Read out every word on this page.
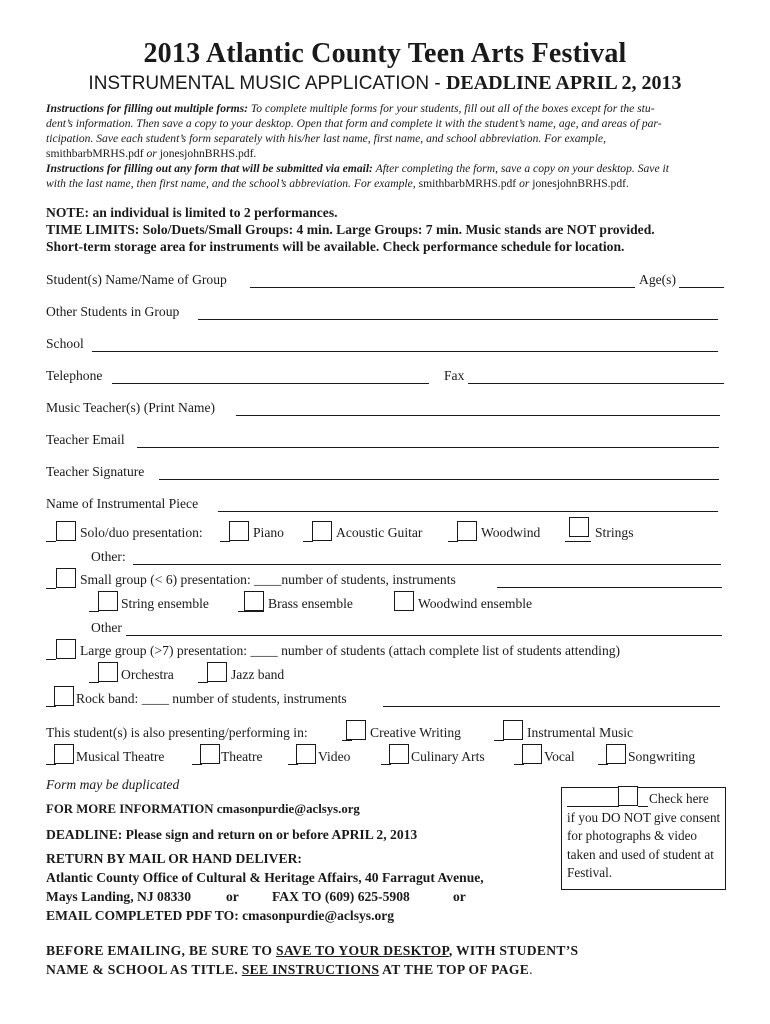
2013 Atlantic County Teen Arts Festival
INSTRUMENTAL MUSIC APPLICATION - DEADLINE APRIL 2, 2013
Instructions for filling out multiple forms: To complete multiple forms for your students, fill out all of the boxes except for the stu-
dent’s information. Then save a copy to your desktop. Open that form and complete it with the student’s name, age, and areas of par-
ticipation. Save each student’s form separately with his/her last name, first name, and school abbreviation. For example,
smithbarbMRHS.pdf or jonesjohnBRHS.pdf.
Instructions for filling out any form that will be submitted via email: After completing the form, save a copy on your desktop. Save it
with the last name, then first name, and the school’s abbreviation. For example, smithbarbMRHS.pdf or jonesjohnBRHS.pdf.
NOTE: an individual is limited to 2 performances.
TIME LIMITS: Solo/Duets/Small Groups: 4 min. Large Groups: 7 min. Music stands are NOT provided.
Short-term storage area for instruments will be available. Check performance schedule for location.
Student(s) Name/Name of Group	Age(s)
Other Students in Group
School
Telephone	Fax
Music Teacher(s) (Print Name)
Teacher Email
Teacher Signature
Name of Instrumental Piece
Solo/duo presentation:	Piano	Acoustic Guitar	Woodwind	Strings
Other:
Small group (< 6) presentation: ____number of students, instruments
String ensemble	Brass ensemble	Woodwind ensemble
Other
Large group (>7) presentation: ____ number of students (attach complete list of students attending)
Orchestra	Jazz band
Rock band: ____ number of students, instruments
This student(s) is also presenting/performing in:	Creative Writing	Instrumental Music
Musical Theatre	Theatre	Video	Culinary Arts	Vocal	Songwriting
Form may be duplicated
FOR MORE INFORMATION cmasonpurdie@aclsys.org
DEADLINE: Please sign and return on or before APRIL 2, 2013
RETURN BY MAIL OR HAND DELIVER:
Atlantic County Office of Cultural & Heritage Affairs, 40 Farragut Avenue,
Mays Landing, NJ 08330	or FAX TO (609) 625-5908	or
EMAIL COMPLETED PDF TO: cmasonpurdie@aclsys.org
Check here
if you DO NOT give consent for photographs & video taken and used of student at Festival.
BEFORE EMAILING, BE SURE TO SAVE TO YOUR DESKTOP, WITH STUDENT’S
NAME & SCHOOL AS TITLE. SEE INSTRUCTIONS AT THE TOP OF PAGE.
